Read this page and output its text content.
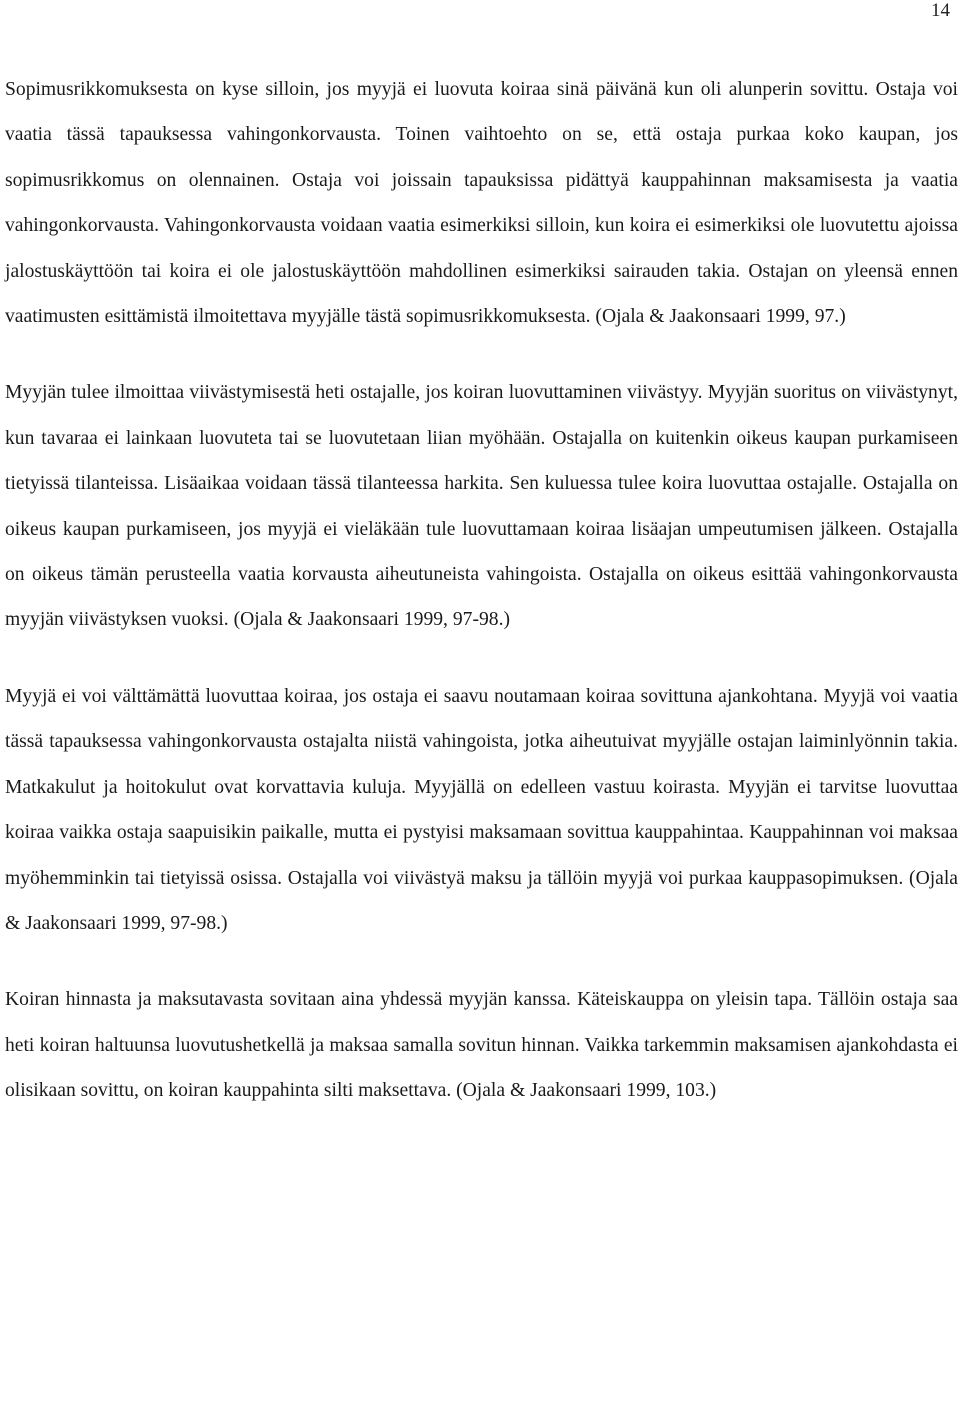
14

Sopimusrikkomuksesta on kyse silloin, jos myyjä ei luovuta koiraa sinä päivänä kun oli alunperin sovittu. Ostaja voi vaatia tässä tapauksessa vahingonkorvausta. Toinen vaihtoehto on se, että ostaja purkaa koko kaupan, jos sopimusrikkomus on olennainen. Ostaja voi joissain tapauksissa pidättyä kauppahinnan maksamisesta ja vaatia vahingonkorvausta. Vahingonkorvausta voidaan vaatia esimerkiksi silloin, kun koira ei esimerkiksi ole luovutettu ajoissa jalostuskäyttöön tai koira ei ole jalostuskäyttöön mahdollinen esimerkiksi sairauden takia. Ostajan on yleensä ennen vaatimusten esittämistä ilmoitettava myyjälle tästä sopimusrikkomuksesta. (Ojala & Jaakonsaari 1999, 97.)

Myyjän tulee ilmoittaa viivästymisestä heti ostajalle, jos koiran luovuttaminen viivästyy. Myyjän suoritus on viivästynyt, kun tavaraa ei lainkaan luovuteta tai se luovutetaan liian myöhään. Ostajalla on kuitenkin oikeus kaupan purkamiseen tietyissä tilanteissa. Lisäaikaa voidaan tässä tilanteessa harkita. Sen kuluessa tulee koira luovuttaa ostajalle. Ostajalla on oikeus kaupan purkamiseen, jos myyjä ei vieläkään tule luovuttamaan koiraa lisäajan umpeutumisen jälkeen. Ostajalla on oikeus tämän perusteella vaatia korvausta aiheutuneista vahingoista. Ostajalla on oikeus esittää vahingonkorvausta myyjän viivästyksen vuoksi. (Ojala & Jaakonsaari 1999, 97-98.)

Myyjä ei voi välttämättä luovuttaa koiraa, jos ostaja ei saavu noutamaan koiraa sovittuna ajankohtana. Myyjä voi vaatia tässä tapauksessa vahingonkorvausta ostajalta niistä vahingoista, jotka aiheutuivat myyjälle ostajan laiminlyönnin takia. Matkakulut ja hoitokulut ovat korvattavia kuluja. Myyjällä on edelleen vastuu koirasta. Myyjän ei tarvitse luovuttaa koiraa vaikka ostaja saapuisikin paikalle, mutta ei pystyisi maksamaan sovittua kauppahintaa. Kauppahinnan voi maksaa myöhemminkin tai tietyissä osissa. Ostajalla voi viivästyä maksu ja tällöin myyjä voi purkaa kauppasopimuksen. (Ojala & Jaakonsaari 1999, 97-98.)

Koiran hinnasta ja maksutavasta sovitaan aina yhdessä myyjän kanssa. Käteiskauppa on yleisin tapa. Tällöin ostaja saa heti koiran haltuunsa luovutushetkellä ja maksaa samalla sovitun hinnan. Vaikka tarkemmin maksamisen ajankohdasta ei olisikaan sovittu, on koiran kauppahinta silti maksettava. (Ojala & Jaakonsaari 1999, 103.)
